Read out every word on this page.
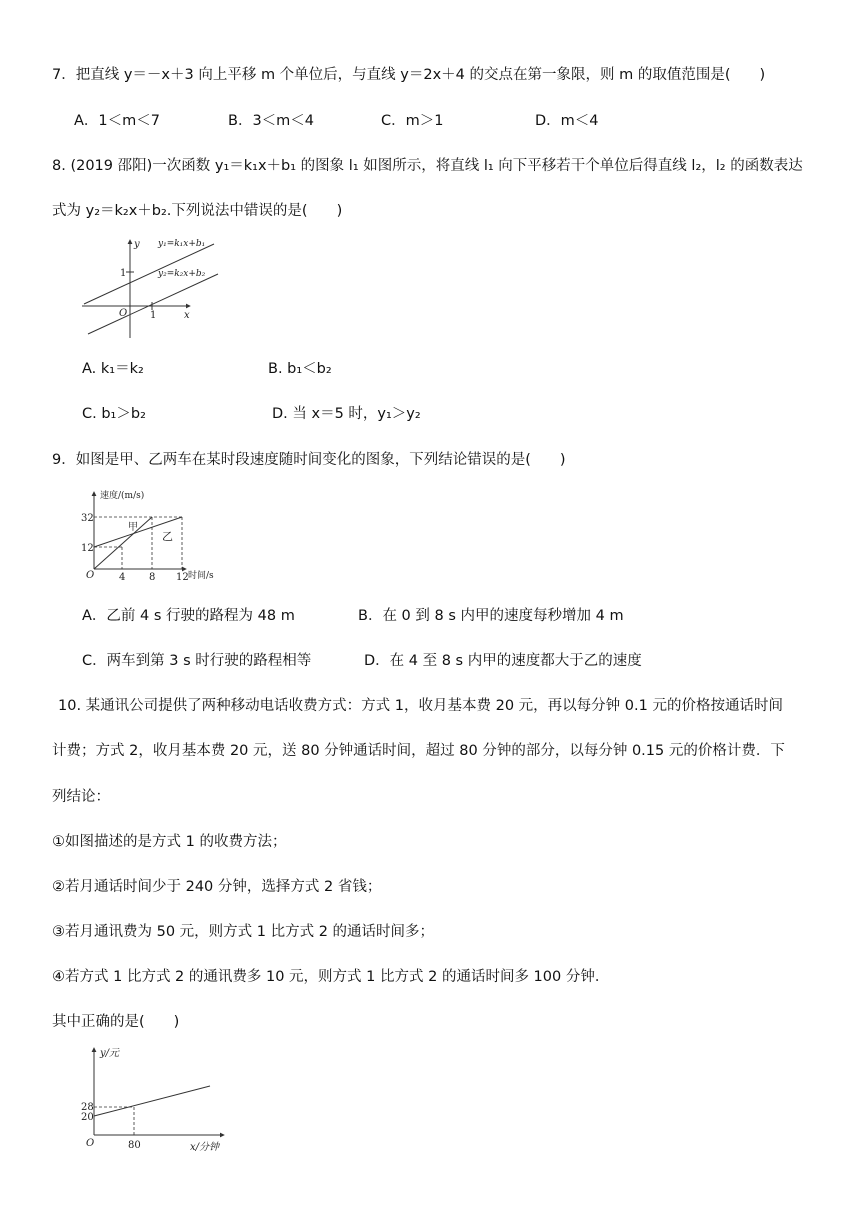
7．把直线 y＝－x＋3 向上平移 m 个单位后，与直线 y＝2x＋4 的交点在第一象限，则 m 的取值范围是(　　)
A．1＜m＜7	B．3＜m＜4	C．m＞1	D．m＜4
8. (2019 邵阳)一次函数 y₁＝k₁x＋b₁ 的图象 l₁ 如图所示，将直线 l₁ 向下平移若干个单位后得直线 l₂，l₂ 的函数表达
式为 y₂＝k₂x＋b₂.下列说法中错误的是(　　)
y
x
O 1
1
y₁=k₁x+b₁
y₂=k₂x+b₂
A. k₁＝k₂	B. b₁＜b₂
C. b₁＞b₂	D. 当 x＝5 时，y₁＞y₂
9．如图是甲、乙两车在某时段速度随时间变化的图象，下列结论错误的是(　　)
速度/(m/s)
时间/s
O
32
12
4 8 12
甲
乙
A．乙前 4 s 行驶的路程为 48 m	B．在 0 到 8 s 内甲的速度每秒增加 4 m
C．两车到第 3 s 时行驶的路程相等	D．在 4 至 8 s 内甲的速度都大于乙的速度
10. 某通讯公司提供了两种移动电话收费方式：方式 1，收月基本费 20 元，再以每分钟 0.1 元的价格按通话时间
计费；方式 2，收月基本费 20 元，送 80 分钟通话时间，超过 80 分钟的部分，以每分钟 0.15 元的价格计费．下
列结论：
①如图描述的是方式 1 的收费方法；
②若月通话时间少于 240 分钟，选择方式 2 省钱；
③若月通讯费为 50 元，则方式 1 比方式 2 的通话时间多；
④若方式 1 比方式 2 的通讯费多 10 元，则方式 1 比方式 2 的通话时间多 100 分钟．
其中正确的是(　　)
y/元
x/分钟
O
28
20
80
